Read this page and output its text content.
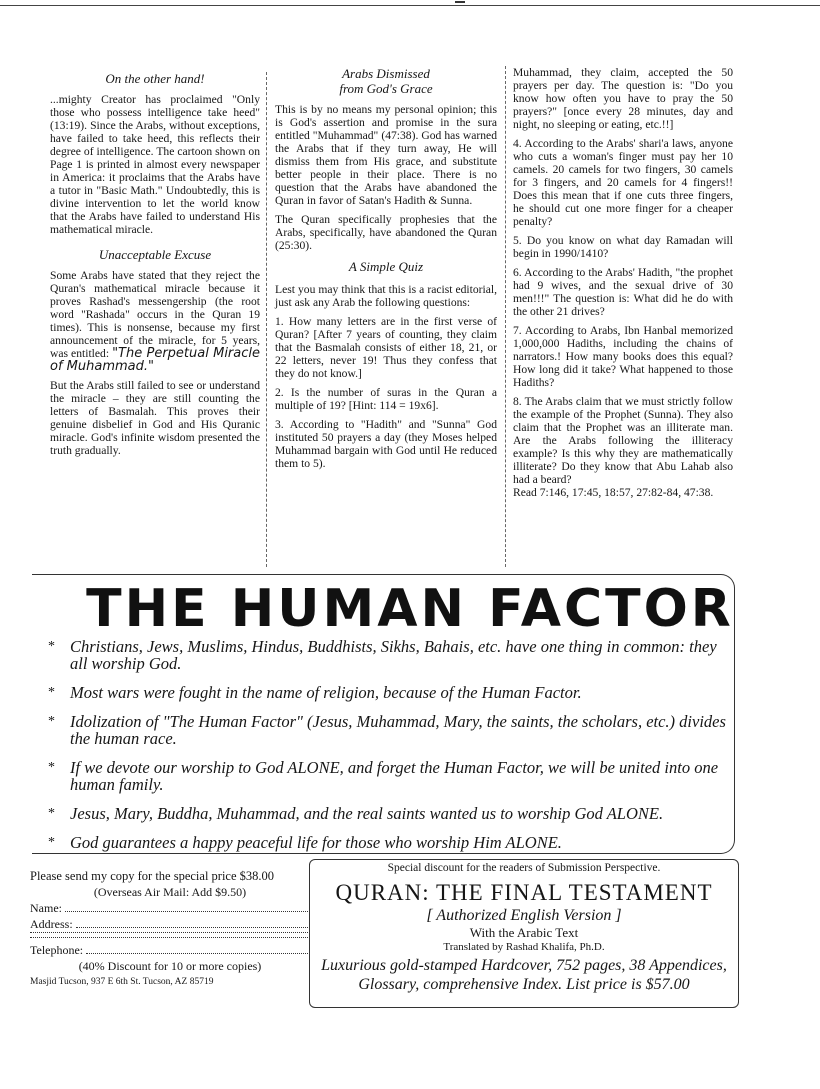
On the other hand!

...mighty Creator has proclaimed "Only those who possess intelligence take heed" (13:19). Since the Arabs, without exceptions, have failed to take heed, this reflects their degree of intelligence. The cartoon shown on Page 1 is printed in almost every newspaper in America: it proclaims that the Arabs have a tutor in "Basic Math." Undoubtedly, this is divine intervention to let the world know that the Arabs have failed to understand His mathematical miracle.

Unacceptable Excuse

Some Arabs have stated that they reject the Quran's mathematical miracle because it proves Rashad's messengership (the root word "Rashada" occurs in the Quran 19 times). This is nonsense, because my first announcement of the miracle, for 5 years, was entitled: "The Perpetual Miracle of Muhammad."

But the Arabs still failed to see or understand the miracle – they are still counting the letters of Basmalah. This proves their genuine disbelief in God and His Quranic miracle. God's infinite wisdom presented the truth gradually.

Arabs Dismissed
from God's Grace

This is by no means my personal opinion; this is God's assertion and promise in the sura entitled "Muhammad" (47:38). God has warned the Arabs that if they turn away, He will dismiss them from His grace, and substitute better people in their place. There is no question that the Arabs have abandoned the Quran in favor of Satan's Hadith & Sunna.

The Quran specifically prophesies that the Arabs, specifically, have abandoned the Quran (25:30).

A Simple Quiz

Lest you may think that this is a racist editorial, just ask any Arab the following questions:

1. How many letters are in the first verse of Quran? [After 7 years of counting, they claim that the Basmalah consists of either 18, 21, or 22 letters, never 19! Thus they confess that they do not know.]

2. Is the number of suras in the Quran a multiple of 19? [Hint: 114 = 19x6].

3. According to "Hadith" and "Sunna" God instituted 50 prayers a day (they Moses helped Muhammad bargain with God until He reduced them to 5).

Muhammad, they claim, accepted the 50 prayers per day. The question is: "Do you know how often you have to pray the 50 prayers?" [once every 28 minutes, day and night, no sleeping or eating, etc.!!]

4. According to the Arabs' shari'a laws, anyone who cuts a woman's finger must pay her 10 camels. 20 camels for two fingers, 30 camels for 3 fingers, and 20 camels for 4 fingers!! Does this mean that if one cuts three fingers, he should cut one more finger for a cheaper penalty?

5. Do you know on what day Ramadan will begin in 1990/1410?

6. According to the Arabs' Hadith, "the prophet had 9 wives, and the sexual drive of 30 men!!!" The question is: What did he do with the other 21 drives?

7. According to Arabs, Ibn Hanbal memorized 1,000,000 Hadiths, including the chains of narrators.! How many books does this equal? How long did it take? What happened to those Hadiths?

8. The Arabs claim that we must strictly follow the example of the Prophet (Sunna). They also claim that the Prophet was an illiterate man. Are the Arabs following the illiteracy example? Is this why they are mathematically illiterate? Do they know that Abu Lahab also had a beard?

Read 7:146, 17:45, 18:57, 27:82-84, 47:38.

THE HUMAN FACTOR
* Christians, Jews, Muslims, Hindus, Buddhists, Sikhs, Bahais, etc. have one thing in common: they all worship God.
* Most wars were fought in the name of religion, because of the Human Factor.
* Idolization of "The Human Factor" (Jesus, Muhammad, Mary, the saints, the scholars, etc.) divides the human race.
* If we devote our worship to God ALONE, and forget the Human Factor, we will be united into one human family.
* Jesus, Mary, Buddha, Muhammad, and the real saints wanted us to worship God ALONE.
* God guarantees a happy peaceful life for those who worship Him ALONE.
Please send my copy for the special price $38.00
(Overseas Air Mail: Add $9.50)
Name:
Address:
Telephone:
(40% Discount for 10 or more copies)
Masjid Tucson, 937 E 6th St. Tucson, AZ 85719
Special discount for the readers of Submission Perspective.
QURAN: THE FINAL TESTAMENT
[ Authorized English Version ]
With the Arabic Text
Translated by Rashad Khalifa, Ph.D.
Luxurious gold-stamped Hardcover, 752 pages, 38 Appendices, Glossary, comprehensive Index. List price is $57.00
